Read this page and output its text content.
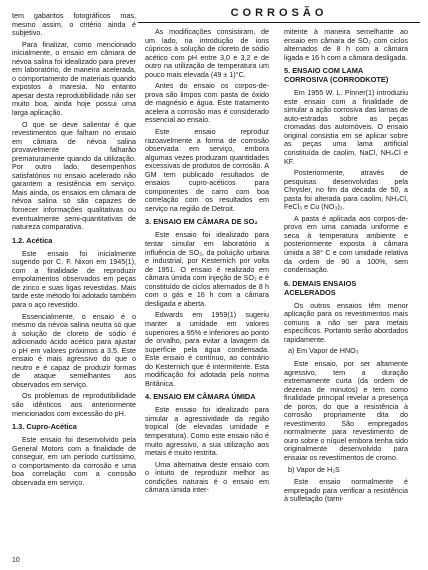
CORROSÃO

tem gabaritos fotográficos mas, mesmo assim, o critério ainda é subjetivo.

Para finalizar, como mencionado inicialmente, o ensaio em câmara de névoa salina foi idealizado para prever em laboratório, de maneira acelerada, o comportamento de materiais quando expostos à maresia. No entanto apesar desta reprodutibilidade não ser muito boa, ainda hoje possui uma larga aplicação.

O que se deve salientar é que revestimentos que falham no ensaio em câmara de névoa salina provavelmente falharão prematuramente quando da utilização. Por outro lado, desempenhos satisfatórios no ensaio acelerado não garantem a resistência em serviço. Mais ainda, os ensaios em câmara de névoa salina só são capazes de fornecer informações qualitativas ou eventualmente semi-quantitativas de natureza comparativa.

1.2. Acética

Este ensaio foi inicialmente sugerido por C. F. Nixon em 1945(1), com a finalidade de reproduzir empolamentos observados em peças de zinco e suas ligas revestidas. Mais tarde este método foi adotado também para o aço revestido.

Essencialmente, o ensaio é o mesmo da névoa salina neutra só que à solução de cloreto de sódio é adicionado ácido acético para ajustar o pH em valores próximos a 3,5. Este ensaio é mais agressivo do que o neutro e é capaz de produzir formas de ataque semelhantes aos observados em serviço.

Os problemas de reprodutibilidade são idênticos aos anteriormente mencionados com excessão do pH.

1.3. Cupro-Acética

Este ensaio foi desenvolvido pela General Motors com a finalidade de conseguir, em um período curtíssimo, o comportamento da corrosão e uma boa correlação com a corrosão observada em serviço.

As modificações consistiram, de um lado, na introdução de íons cúpricos à solução de cloreto de sódio acético com pH entre 3,0 e 3,2 e de outro na utilização de temperatura um pouco mais elevada (49 ± 1)°C.

Antes do ensaio os corpos-de-prova são limpos com pasta de óxido de magnésio e água. Este tratamento acelera a corrosão mas é considerado essencial ao ensaio.

Este ensaio reproduz razoavelmente a forma de corrosão observada em serviço, embora algumas vezes produzam quantidades excessivas de produtos de corrosão. A GM tem publicado resultados de ensaios cupro-acéticos para componentes de carro com boa correlação com os resultados em serviço na região de Detroit.

3. ENSAIO EM CÂMARA DE SO₂

Este ensaio foi idealizado para tentar simular em laboratório a influência de SO₂, da poluição urbana e industrial, por Kesternich por volta de 1951. O ensaio é realizado em câmara úmida com injeção de SO₂ e é constituído de ciclos alternados de 8 h com o gás e 16 h com a câmara desligada e aberta.

Edwards em 1959(1) sugeriu manter a umidade em valores superiores a 95% e inferiores ao ponto de orvalho, para evitar a lavagem da superfície pela água condensada. Este ensaio é contínuo, ao contrário do Kesternich que é intermitente. Esta modificação foi adotada pela norma Britânica.

4. ENSAIO EM CÂMARA ÚMIDA

Este ensaio foi idealizado para simular a agressividade da região tropical (de elevadas umidade e temperatura). Como este ensaio não é muito agressivo, a sua utilização aos metais é muito restrita.

Uma alternativa deste ensaio com o intuito de reproduzir melhor as condições naturais é o ensaio em câmara úmida inter-

mitente à maneira semelhante ao ensaio em câmara de SO₂ com ciclos alternados de 8 h com a câmara ligada e 16 h com a câmara desligada.

5. ENSAIO COM LAMA CORROSIVA (CORRODKOTE)

Em 1955 W. L. Pinner(1) introduziu este ensaio com a finalidade de simular a ação corrosiva das lamas de auto-estradas sobre as peças cromadas dos automóveis. O ensaio original consistia em se aplicar sobre as peças uma lama artificial constituída de caolim, NaCl, NH₄Cl e KF.

Posteriormente, através de pesquisas desenvolvidas pela Chrysler, no fim da década de 50, a pasta foi alterada para caolim, NH₄Cl, FeCl₃ e Cu (NO₃)₂.

A pasta é aplicada aos corpos-de-prova em uma camada uniforme e seca à temperatura ambiente e posteriormente exposta à câmara úmida a 38° C e com umidade relativa da ordem de 90 a 100%, sem condensação.

6. DEMAIS ENSAIOS ACELERADOS

Os outros ensaios têm menor aplicação para os revestimentos mais comuns a não ser para metais específicos. Portanto serão abordados rapidamente.

a) Em Vapor de HNO₃

Este ensaio, por ser altamente agressivo, tem a duração extremamente curta (da ordem de dezenas de minutos) e tem como finalidade principal revelar a presença de poros, do que a resistência à corrosão propriamente dita do revestimento. São empregados normalmente para revestimento de ouro sobre o níquel embora tenha sido originalmente desenvolvido para ensaiar os revestimentos de cromo.

b) Vapor de H₂S

Este ensaio normalmente é empregado para verificar a resistência à sulfetação (tarni-

10
